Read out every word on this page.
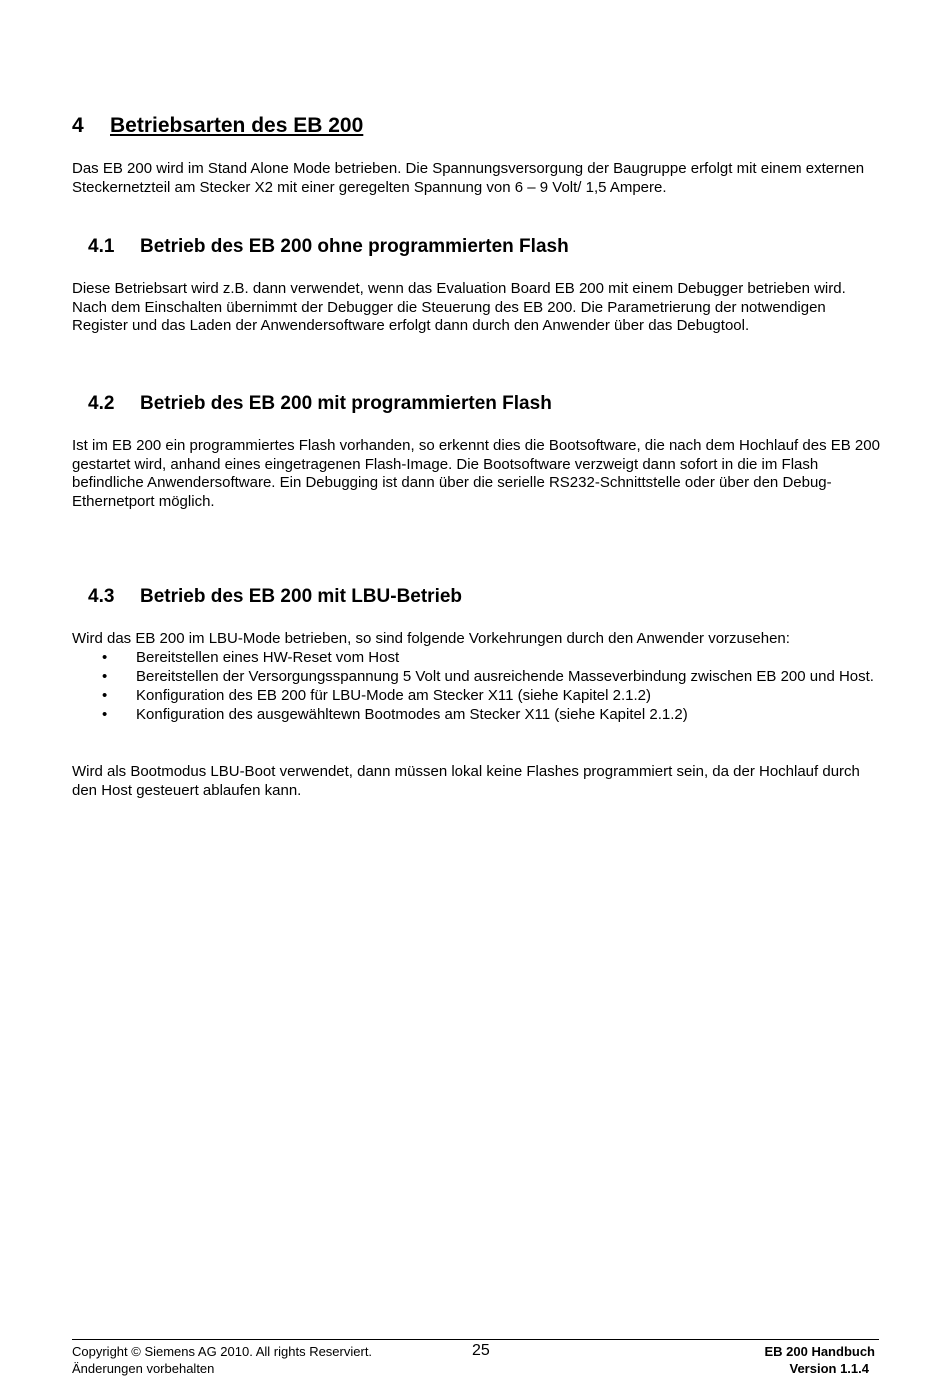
4 Betriebsarten des EB 200

Das EB 200 wird im Stand Alone Mode betrieben. Die Spannungsversorgung der Baugruppe erfolgt mit einem externen Steckernetzteil am Stecker X2 mit einer geregelten Spannung von 6 – 9 Volt/ 1,5 Ampere.

4.1 Betrieb des EB 200 ohne programmierten Flash

Diese Betriebsart wird z.B. dann verwendet, wenn das Evaluation Board EB 200 mit einem Debugger betrieben wird. Nach dem Einschalten übernimmt der Debugger die Steuerung des EB 200. Die Parametrierung der notwendigen Register und das Laden der Anwendersoftware erfolgt dann durch den Anwender über das Debugtool.

4.2 Betrieb des EB 200 mit programmierten Flash

Ist im EB 200 ein programmiertes Flash vorhanden, so erkennt dies die Bootsoftware, die nach dem Hochlauf des EB 200 gestartet wird, anhand eines eingetragenen Flash-Image. Die Bootsoftware verzweigt dann sofort in die im Flash befindliche Anwendersoftware. Ein Debugging ist dann über die serielle RS232-Schnittstelle oder über den Debug-Ethernetport möglich.

4.3 Betrieb des EB 200 mit LBU-Betrieb

Wird das EB 200 im LBU-Mode betrieben, so sind folgende Vorkehrungen durch den Anwender vorzusehen:

• Bereitstellen eines HW-Reset vom Host
• Bereitstellen der Versorgungsspannung 5 Volt und ausreichende Masseverbindung zwischen EB 200 und Host.
• Konfiguration des EB 200 für LBU-Mode am Stecker X11 (siehe Kapitel 2.1.2)
• Konfiguration des ausgewähltewn Bootmodes am Stecker X11 (siehe Kapitel 2.1.2)

Wird als Bootmodus LBU-Boot verwendet, dann müssen lokal keine Flashes programmiert sein, da der Hochlauf durch den Host gesteuert ablaufen kann.

Copyright © Siemens AG 2010. All rights Reserviert.
Änderungen vorbehalten
25	EB 200 Handbuch
Version 1.1.4
